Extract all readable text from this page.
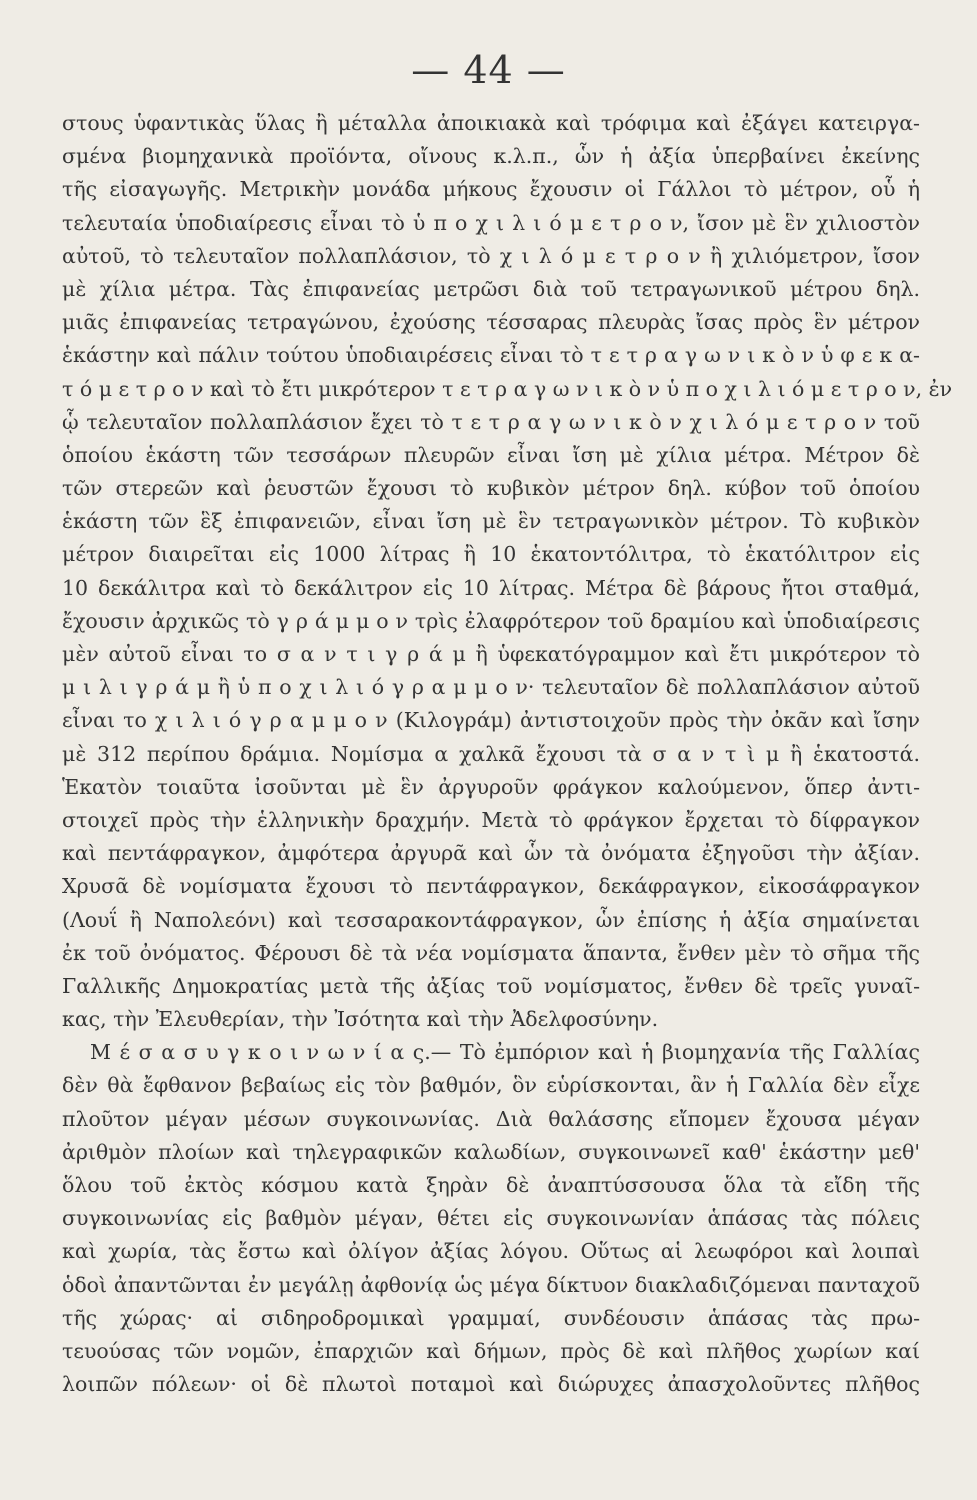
— 44 —
στους ὑφαντικὰς ὕλας ἢ μέταλλα ἀποικιακὰ καὶ τρόφιμα καὶ ἐξάγει κατειργα-
σμένα βιομηχανικὰ προϊόντα, οἴνους κ.λ.π., ὧν ἡ ἀξία ὑπερβαίνει ἐκείνης
τῆς εἰσαγωγῆς. Μετρικὴν μονάδα μήκους ἔχουσιν οἱ Γάλλοι τὸ μέτρον, οὗ ἡ
τελευταία ὑποδιαίρεσις εἶναι τὸ ὑ π ο χ ι λ ι ό μ ε τ ρ ο ν, ἴσον μὲ ἓν χιλιοστὸν
αὐτοῦ, τὸ τελευταῖον πολλαπλάσιον, τὸ χ ι λ ό μ ε τ ρ ο ν ἢ χιλιόμετρον, ἴσον
μὲ χίλια μέτρα. Τὰς ἐπιφανείας μετρῶσι διὰ τοῦ τετραγωνικοῦ μέτρου δηλ.
μιᾶς ἐπιφανείας τετραγώνου, ἐχούσης τέσσαρας πλευρὰς ἴσας πρὸς ἓν μέτρον
ἑκάστην καὶ πάλιν τούτου ὑποδιαιρέσεις εἶναι τὸ τ ε τ ρ α γ ω ν ι κ ὸ ν ὑ φ ε κ α-
τ ό μ ε τ ρ ο ν καὶ τὸ ἔτι μικρότερον τ ε τ ρ α γ ω ν ι κ ὸ ν ὑ π ο χ ι λ ι ό μ ε τ ρ ο ν, ἐν
ᾧ τελευταῖον πολλαπλάσιον ἔχει τὸ τ ε τ ρ α γ ω ν ι κ ὸ ν χ ι λ ό μ ε τ ρ ο ν τοῦ
ὁποίου ἑκάστη τῶν τεσσάρων πλευρῶν εἶναι ἴση μὲ χίλια μέτρα. Μέτρον δὲ
τῶν στερεῶν καὶ ῥευστῶν ἔχουσι τὸ κυβικὸν μέτρον δηλ. κύβον τοῦ ὁποίου
ἑκάστη τῶν ἓξ ἐπιφανειῶν, εἶναι ἴση μὲ ἓν τετραγωνικὸν μέτρον. Τὸ κυβικὸν
μέτρον διαιρεῖται εἰς 1000 λίτρας ἢ 10 ἑκατοντόλιτρα, τὸ ἑκατόλιτρον εἰς
10 δεκάλιτρα καὶ τὸ δεκάλιτρον εἰς 10 λίτρας. Μέτρα δὲ βάρους ἤτοι σταθμά,
ἔχουσιν ἀρχικῶς τὸ γ ρ ά μ μ ο ν τρὶς ἐλαφρότερον τοῦ δραμίου καὶ ὑποδιαίρεσις
μὲν αὐτοῦ εἶναι το σ α ν τ ι γ ρ ά μ ἢ ὑφεκατόγραμμον καὶ ἔτι μικρότερον τὸ
μ ι λ ι γ ρ ά μ ἢ ὑ π ο χ ι λ ι ό γ ρ α μ μ ο ν· τελευταῖον δὲ πολλαπλάσιον αὐτοῦ
εἶναι το χ ι λ ι ό γ ρ α μ μ ο ν (Κιλογράμ) ἀντιστοιχοῦν πρὸς τὴν ὀκᾶν καὶ ἴσην
μὲ 312 περίπου δράμια. Νομίσμα α χαλκᾶ ἔχουσι τὰ σ α ν τ ὶ μ ἢ ἑκατοστά.
Ἑκατὸν τοιαῦτα ἰσοῦνται μὲ ἓν ἀργυροῦν φράγκον καλούμενον, ὅπερ ἀντι-
στοιχεῖ πρὸς τὴν ἑλληνικὴν δραχμήν. Μετὰ τὸ φράγκον ἔρχεται τὸ δίφραγκον
καὶ πεντάφραγκον, ἀμφότερα ἀργυρᾶ καὶ ὧν τὰ ὀνόματα ἐξηγοῦσι τὴν ἀξίαν.
Χρυσᾶ δὲ νομίσματα ἔχουσι τὸ πεντάφραγκον, δεκάφραγκον, εἰκοσάφραγκον
(Λουΐ ἢ Ναπολεόνι) καὶ τεσσαρακοντάφραγκον, ὧν ἐπίσης ἡ ἀξία σημαίνεται
ἐκ τοῦ ὀνόματος. Φέρουσι δὲ τὰ νέα νομίσματα ἅπαντα, ἔνθεν μὲν τὸ σῆμα τῆς
Γαλλικῆς Δημοκρατίας μετὰ τῆς ἀξίας τοῦ νομίσματος, ἔνθεν δὲ τρεῖς γυναῖ-
κας, τὴν Ἐλευθερίαν, τὴν Ἰσότητα καὶ τὴν Ἀδελφοσύνην.
Μ έ σ α σ υ γ κ ο ι ν ω ν ί α ς.— Τὸ ἐμπόριον καὶ ἡ βιομηχανία τῆς Γαλλίας
δὲν θὰ ἔφθανον βεβαίως εἰς τὸν βαθμόν, ὃν εὑρίσκονται, ἂν ἡ Γαλλία δὲν εἶχε
πλοῦτον μέγαν μέσων συγκοινωνίας. Διὰ θαλάσσης εἴπομεν ἔχουσα μέγαν
ἀριθμὸν πλοίων καὶ τηλεγραφικῶν καλωδίων, συγκοινωνεῖ καθ' ἑκάστην μεθ'
ὅλου τοῦ ἐκτὸς κόσμου κατὰ ξηρὰν δὲ ἀναπτύσσουσα ὅλα τὰ εἴδη τῆς
συγκοινωνίας εἰς βαθμὸν μέγαν, θέτει εἰς συγκοινωνίαν ἁπάσας τὰς πόλεις
καὶ χωρία, τὰς ἔστω καὶ ὀλίγον ἀξίας λόγου. Οὕτως αἱ λεωφόροι καὶ λοιπαὶ
ὁδοὶ ἀπαντῶνται ἐν μεγάλῃ ἀφθονίᾳ ὡς μέγα δίκτυον διακλαδιζόμεναι πανταχοῦ
τῆς χώρας· αἱ σιδηροδρομικαὶ γραμμαί, συνδέουσιν ἁπάσας τὰς πρω-
τευούσας τῶν νομῶν, ἐπαρχιῶν καὶ δήμων, πρὸς δὲ καὶ πλῆθος χωρίων καί
λοιπῶν πόλεων· οἱ δὲ πλωτοὶ ποταμοὶ καὶ διώρυχες ἀπασχολοῦντες πλῆθος
